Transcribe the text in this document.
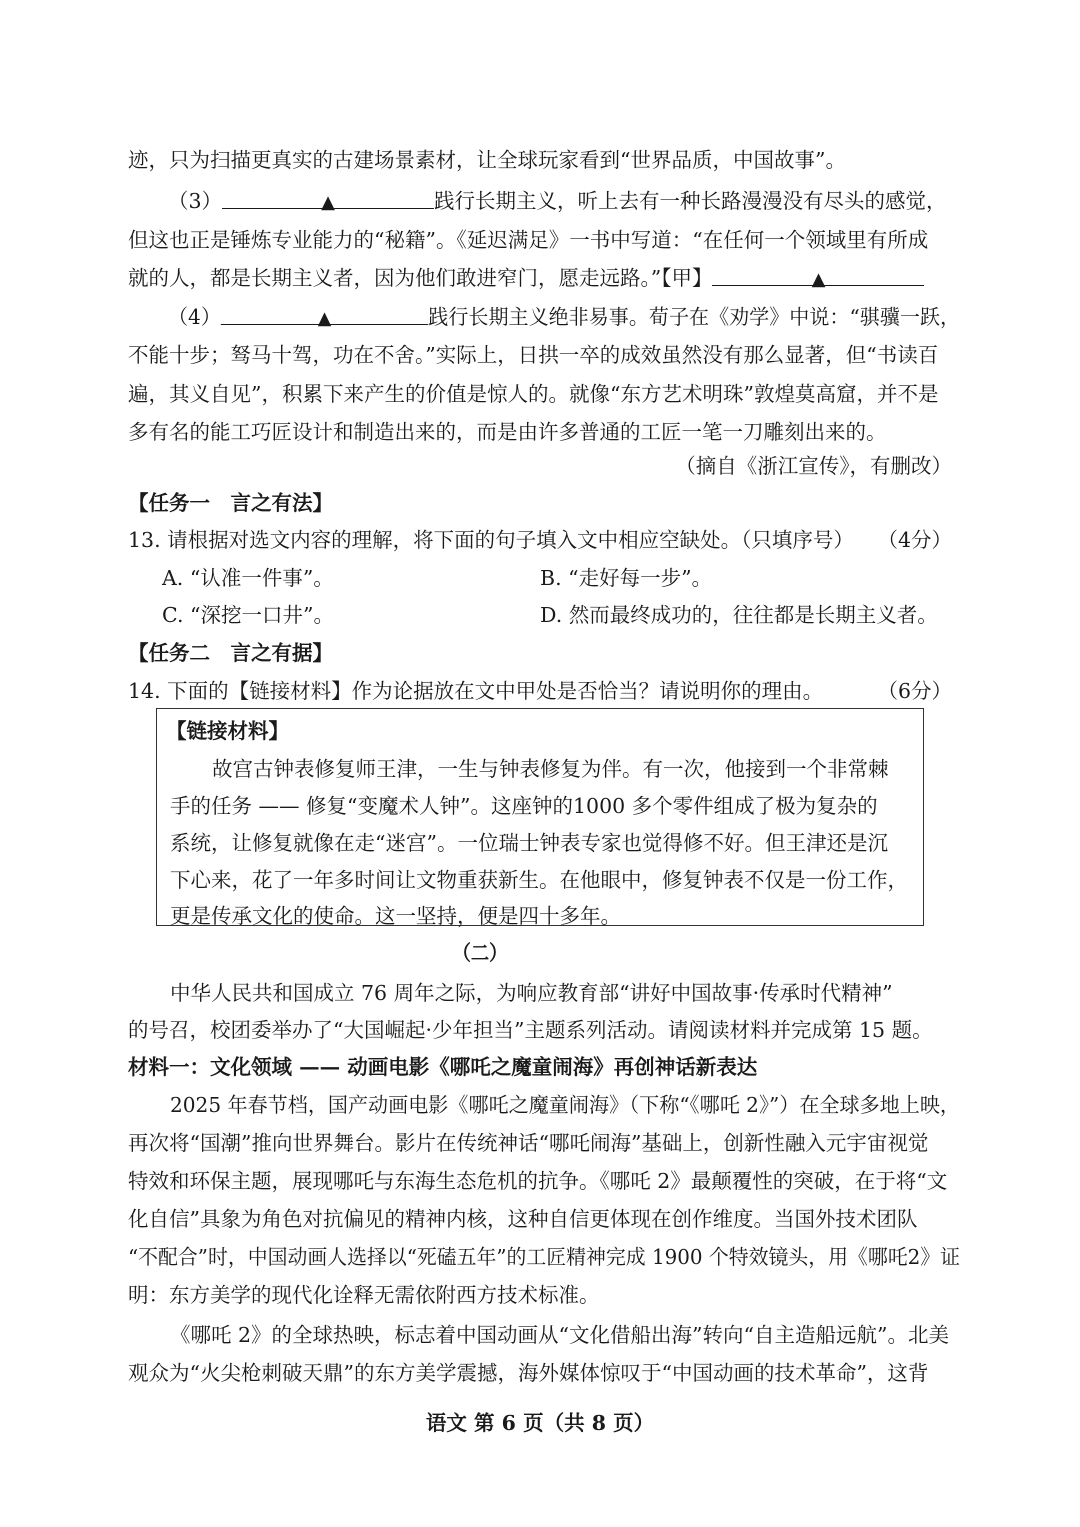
迹，只为扫描更真实的古建场景素材，让全球玩家看到“世界品质，中国故事”。
（3）	▲	践行长期主义，听上去有一种长路漫漫没有尽头的感觉，
但这也正是锤炼专业能力的“秘籍”。《延迟满足》一书中写道：“在任何一个领域里有所成
就的人，都是长期主义者，因为他们敢进窄门，愿走远路。”【甲】	▲
（4）	▲	践行长期主义绝非易事。荀子在《劝学》中说：“骐骥一跃，
不能十步；驽马十驾，功在不舍。”实际上，日拱一卒的成效虽然没有那么显著，但“书读百
遍，其义自见”，积累下来产生的价值是惊人的。就像“东方艺术明珠”敦煌莫高窟，并不是
多有名的能工巧匠设计和制造出来的，而是由许多普通的工匠一笔一刀雕刻出来的。
（摘自《浙江宣传》，有删改）
【任务一　言之有法】
13. 请根据对选文内容的理解，将下面的句子填入文中相应空缺处。（只填序号） （4分）
A. “认准一件事”。	B. “走好每一步”。
C. “深挖一口井”。	D. 然而最终成功的，往往都是长期主义者。
【任务二　言之有据】
14. 下面的【链接材料】作为论据放在文中甲处是否恰当？请说明你的理由。	（6分）
【链接材料】
故宫古钟表修复师王津，一生与钟表修复为伴。有一次，他接到一个非常棘
手的任务 —— 修复“变魔术人钟”。这座钟的1000 多个零件组成了极为复杂的
系统，让修复就像在走“迷宫”。一位瑞士钟表专家也觉得修不好。但王津还是沉
下心来，花了一年多时间让文物重获新生。在他眼中，修复钟表不仅是一份工作，
更是传承文化的使命。这一坚持，便是四十多年。
（二）
中华人民共和国成立 76 周年之际，为响应教育部“讲好中国故事·传承时代精神”
的号召，校团委举办了“大国崛起·少年担当”主题系列活动。请阅读材料并完成第 15 题。
材料一：文化领域 —— 动画电影《哪吒之魔童闹海》再创神话新表达
2025 年春节档，国产动画电影《哪吒之魔童闹海》（下称“《哪吒 2》”）在全球多地上映，
再次将“国潮”推向世界舞台。影片在传统神话“哪吒闹海”基础上，创新性融入元宇宙视觉
特效和环保主题，展现哪吒与东海生态危机的抗争。《哪吒 2》最颠覆性的突破，在于将“文
化自信”具象为角色对抗偏见的精神内核，这种自信更体现在创作维度。当国外技术团队
“不配合”时，中国动画人选择以“死磕五年”的工匠精神完成 1900 个特效镜头，用《哪吒2》证
明：东方美学的现代化诠释无需依附西方技术标准。
《哪吒 2》的全球热映，标志着中国动画从“文化借船出海”转向“自主造船远航”。北美
观众为“火尖枪刺破天鼎”的东方美学震撼，海外媒体惊叹于“中国动画的技术革命”，这背
语文 第 6 页（共 8 页）
